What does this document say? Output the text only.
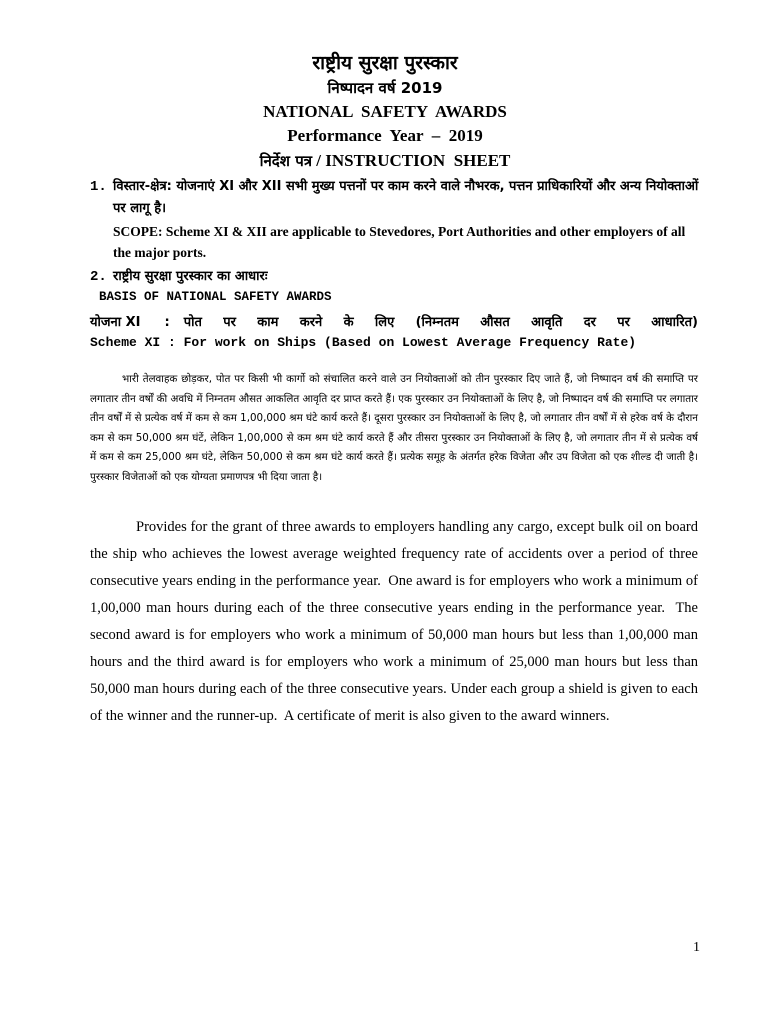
राष्ट्रीय सुरक्षा पुरस्कार
निष्पादन वर्ष 2019
NATIONAL  SAFETY  AWARDS
Performance  Year  –  2019
निर्देश पत्र / INSTRUCTION  SHEET
1. विस्तार-क्षेत्र: योजनाएं XI और XII सभी मुख्य पत्तनों पर काम करने वाले नौभरक, पत्तन प्राधिकारियों और अन्य नियोक्ताओं पर लागू है।
SCOPE: Scheme XI & XII are applicable to Stevedores, Port Authorities and other employers of all the major ports.
2. राष्ट्रीय सुरक्षा पुरस्कार का आधारः
BASIS OF NATIONAL SAFETY AWARDS
योजना XI : पोत पर काम करने के लिए (निम्नतम औसत आवृति दर पर आधारित)
Scheme XI : For work on Ships (Based on Lowest Average Frequency Rate)
भारी तेलवाहक छोड़कर, पोत पर किसी भी कार्गो को संचालित करने वाले उन नियोक्ताओं को तीन पुरस्कार दिए जाते हैं, जो निष्पादन वर्ष की समाप्ति पर लगातार तीन वर्षों की अवधि में निम्नतम औसत आकलित आवृति दर प्राप्त करते हैं। एक पुरस्कार उन नियोक्ताओं के लिए है, जो निष्पादन वर्ष की समाप्ति पर लगातार तीन वर्षों में से प्रत्येक वर्ष में कम से कम 1,00,000 श्रम घंटे कार्य करते हैं। दूसरा पुरस्कार उन नियोक्ताओं के लिए है, जो लगातार तीन वर्षों में से हरेक वर्ष के दौरान कम से कम 50,000 श्रम घंटें, लेकिन 1,00,000 से कम श्रम घंटे कार्य करते हैं और तीसरा पुरस्कार उन नियोक्ताओं के लिए है, जो लगातार तीन में से प्रत्येक वर्ष में कम से कम 25,000 श्रम घंटे, लेकिन 50,000 से कम श्रम घंटे कार्य करते हैं। प्रत्येक समूह के अंतर्गत हरेक विजेता और उप विजेता को एक शील्ड दी जाती है। पुरस्कार विजेताओं को एक योग्यता प्रमाणपत्र भी दिया जाता है।
Provides for the grant of three awards to employers handling any cargo, except bulk oil on board the ship who achieves the lowest average weighted frequency rate of accidents over a period of three consecutive years ending in the performance year.  One award is for employers who work a minimum of 1,00,000 man hours during each of the three consecutive years ending in the performance year.  The second award is for employers who work a minimum of 50,000 man hours but less than 1,00,000 man hours and the third award is for employers who work a minimum of 25,000 man hours but less than 50,000 man hours during each of the three consecutive years. Under each group a shield is given to each of the winner and the runner-up.  A certificate of merit is also given to the award winners.
1
